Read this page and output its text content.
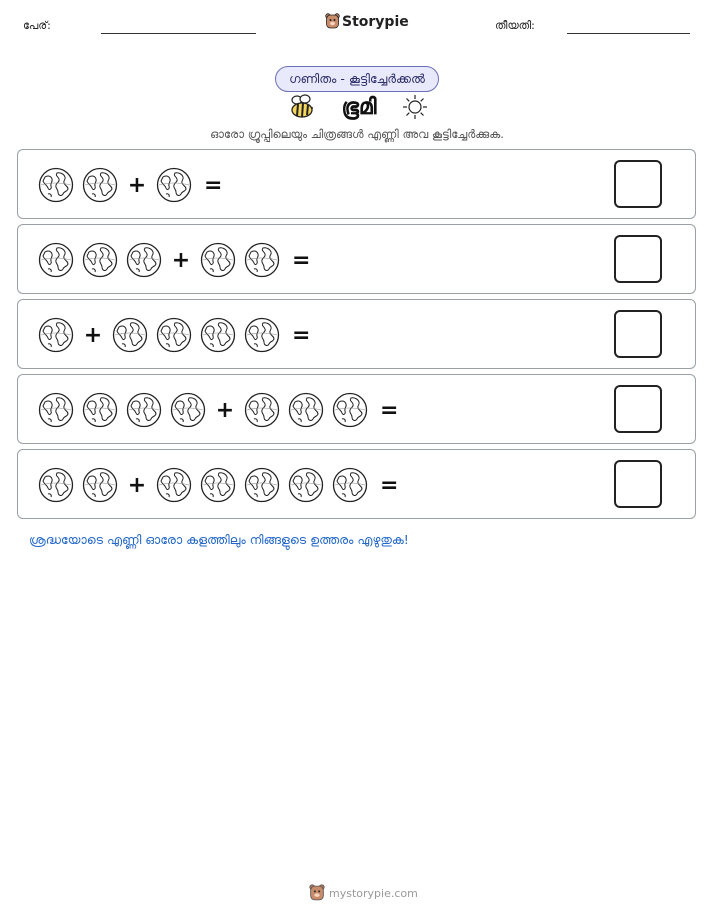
പേര്:	Storypie	തീയതി:
ഗണിതം - കൂട്ടിച്ചേർക്കൽ
ഭൂമി
ഓരോ ഗ്രൂപ്പിലെയും ചിത്രങ്ങൾ എണ്ണി അവ കൂട്ടിച്ചേർക്കുക.
+	=
+	=
+	=
+	=
+	=
ശ്രദ്ധയോടെ എണ്ണി ഓരോ കളത്തിലും നിങ്ങളുടെ ഉത്തരം എഴുതുക!
mystorypie.com
